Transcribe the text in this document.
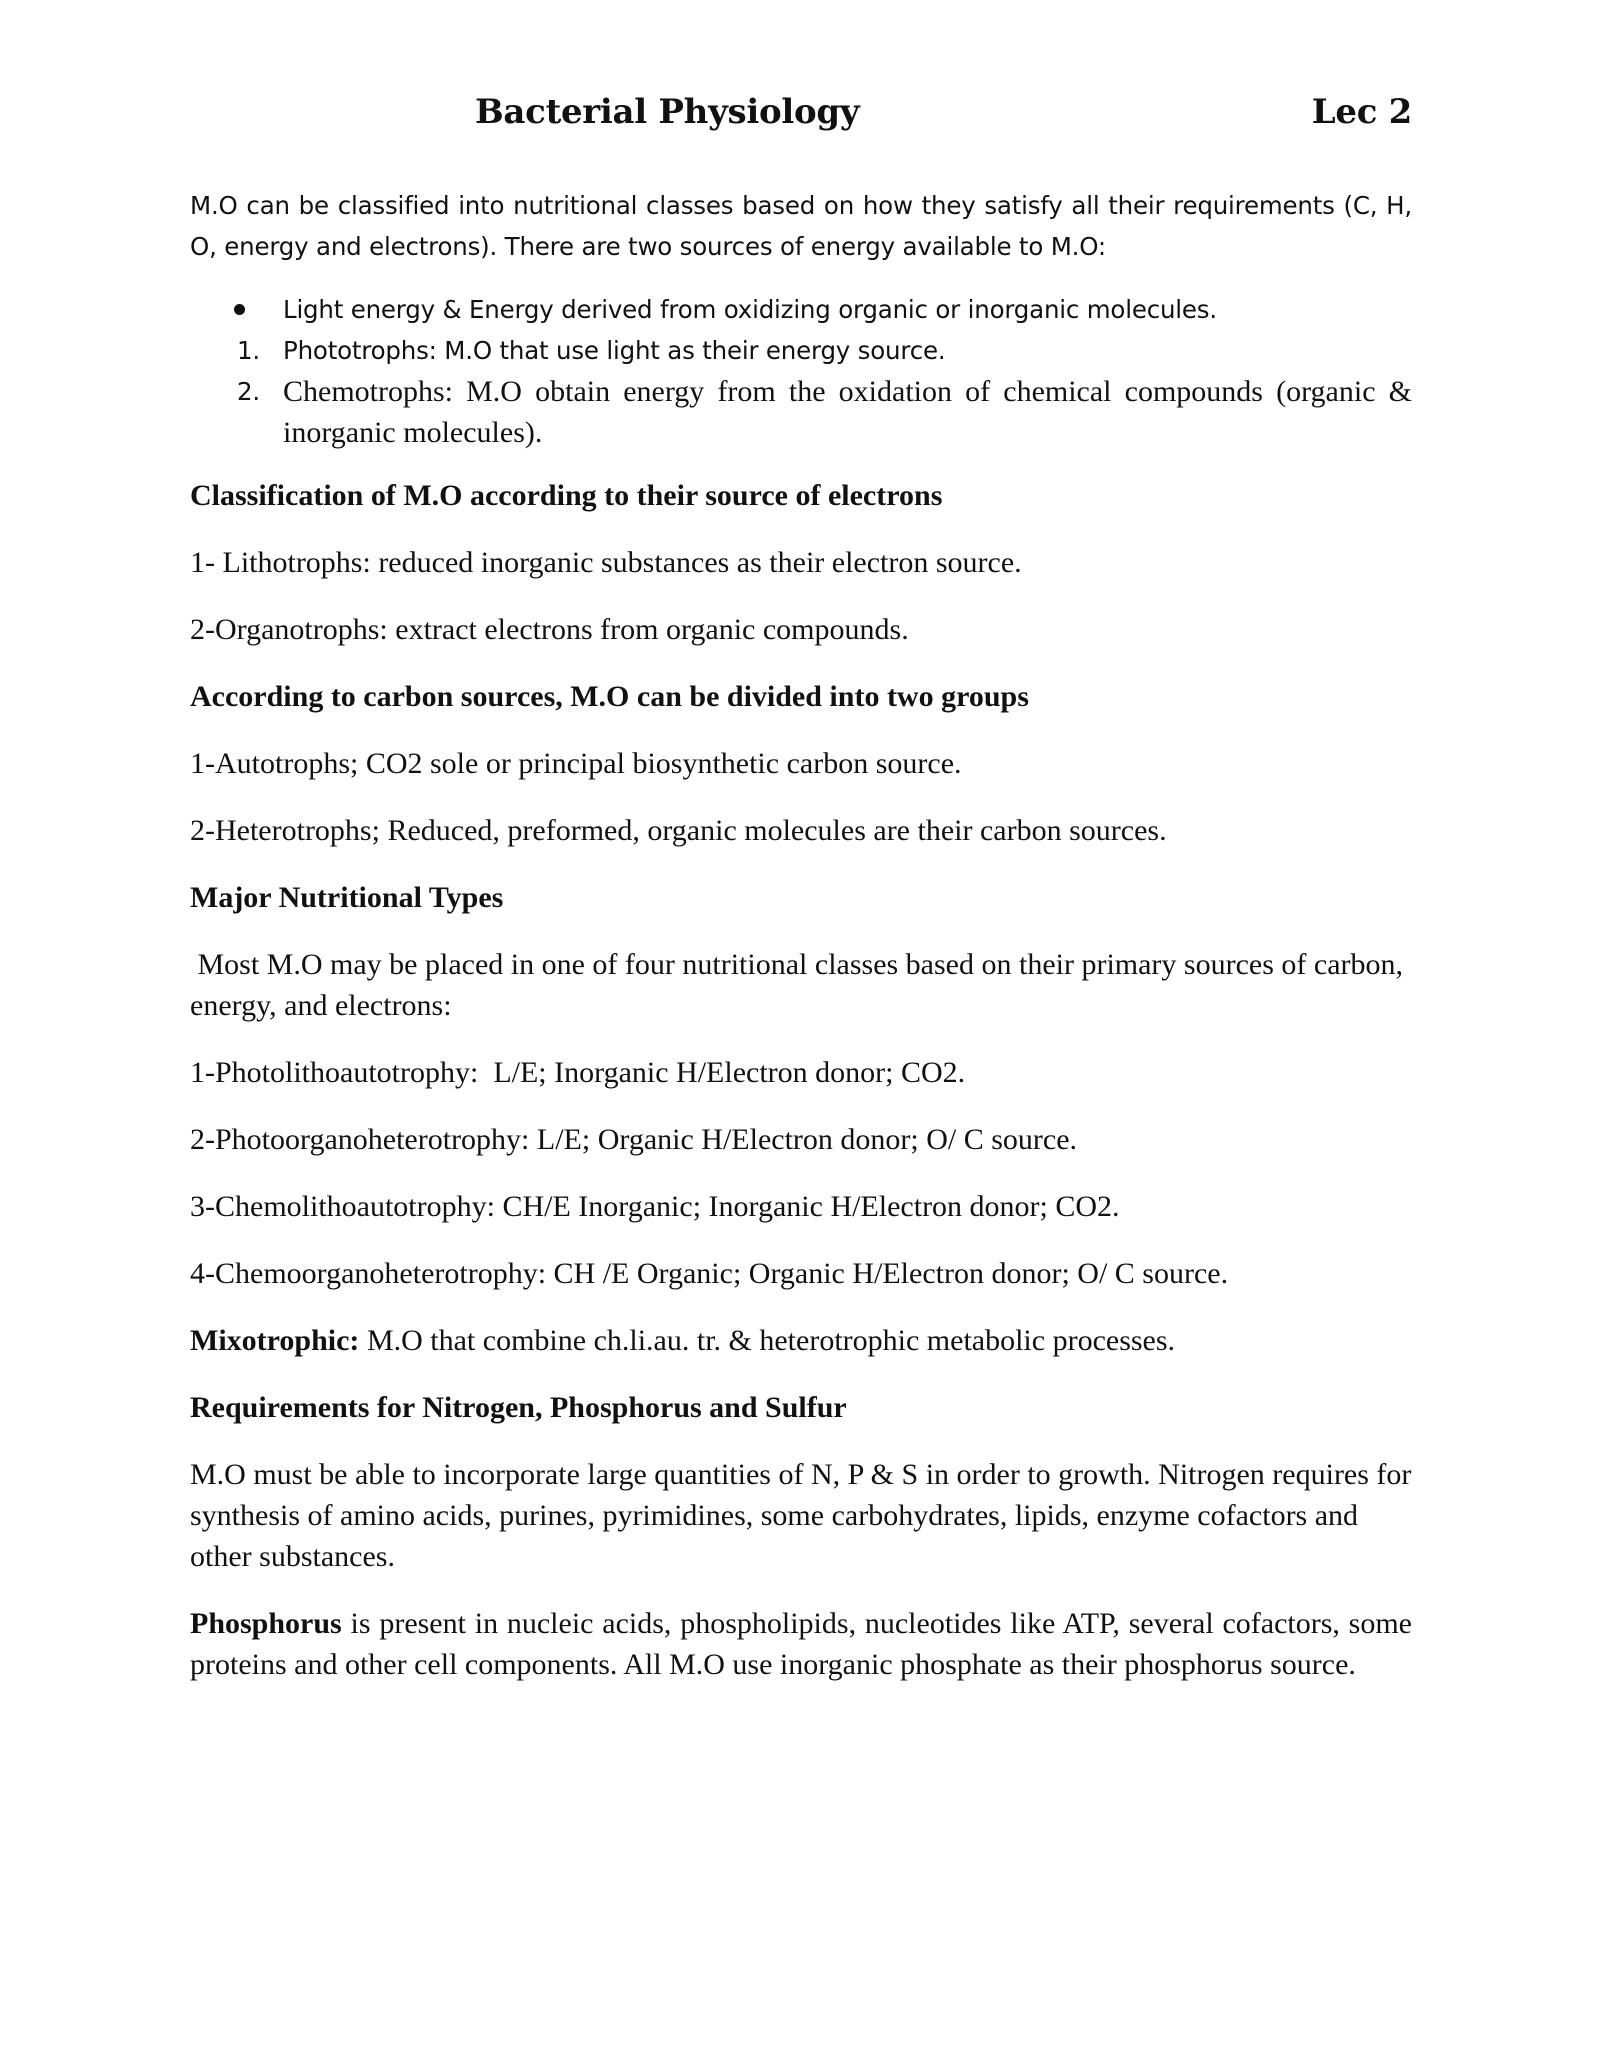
Bacterial Physiology	Lec 2

M.O can be classified into nutritional classes based on how they satisfy all their requirements (C, H, O, energy and electrons). There are two sources of energy available to M.O:

Light energy & Energy derived from oxidizing organic or inorganic molecules.
1. Phototrophs: M.O that use light as their energy source.
2. Chemotrophs: M.O obtain energy from the oxidation of chemical compounds (organic & inorganic molecules).

Classification of M.O according to their source of electrons

1- Lithotrophs: reduced inorganic substances as their electron source.

2-Organotrophs: extract electrons from organic compounds.

According to carbon sources, M.O can be divided into two groups

1-Autotrophs; CO2 sole or principal biosynthetic carbon source.

2-Heterotrophs; Reduced, preformed, organic molecules are their carbon sources.

Major Nutritional Types

Most M.O may be placed in one of four nutritional classes based on their primary sources of carbon, energy, and electrons:

1-Photolithoautotrophy:  L/E; Inorganic H/Electron donor; CO2.

2-Photoorganoheterotrophy: L/E; Organic H/Electron donor; O/ C source.

3-Chemolithoautotrophy: CH/E Inorganic; Inorganic H/Electron donor; CO2.

4-Chemoorganoheterotrophy: CH /E Organic; Organic H/Electron donor; O/ C source.

Mixotrophic: M.O that combine ch.li.au. tr. & heterotrophic metabolic processes.

Requirements for Nitrogen, Phosphorus and Sulfur

M.O must be able to incorporate large quantities of N, P & S in order to growth. Nitrogen requires for synthesis of amino acids, purines, pyrimidines, some carbohydrates, lipids, enzyme cofactors and other substances.

Phosphorus is present in nucleic acids, phospholipids, nucleotides like ATP, several cofactors, some proteins and other cell components. All M.O use inorganic phosphate as their phosphorus source.
